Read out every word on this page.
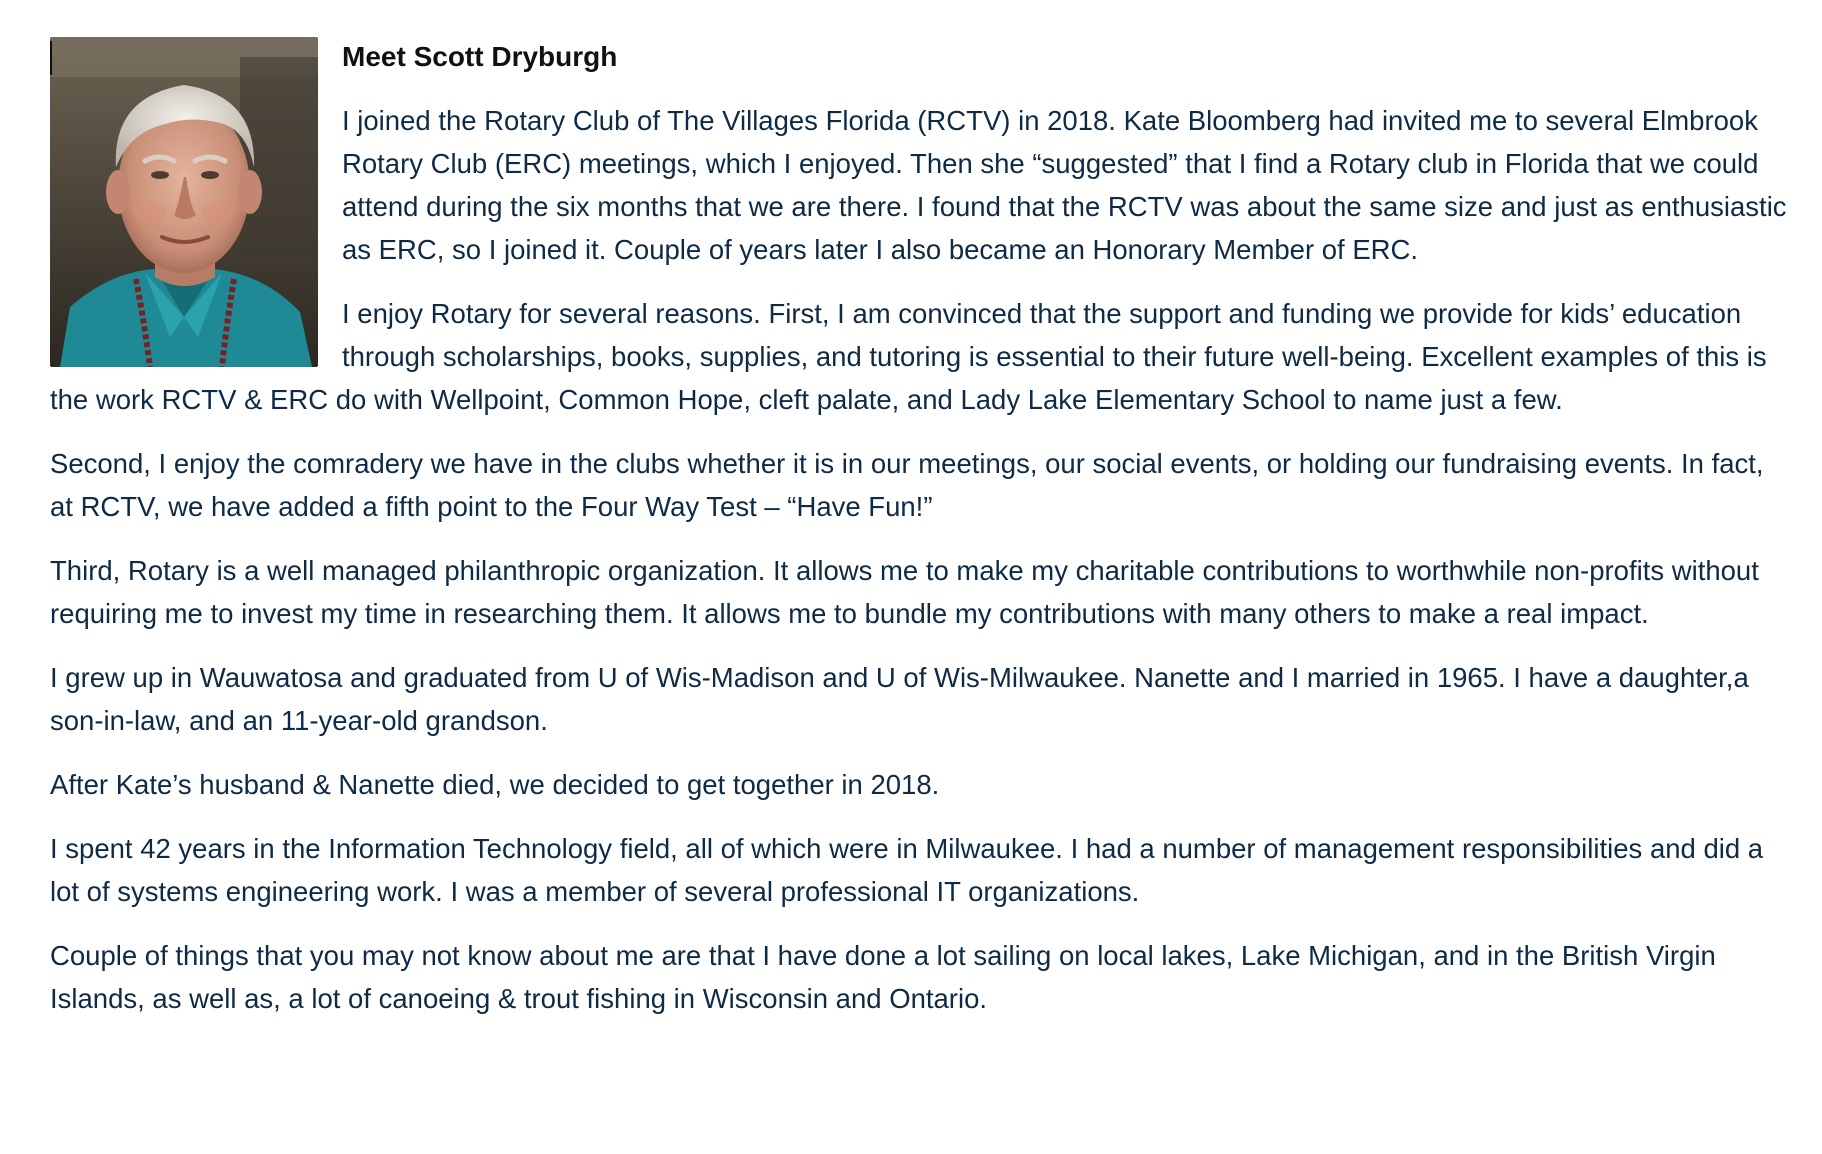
Meet Scott Dryburgh

I joined the Rotary Club of The Villages Florida (RCTV) in 2018. Kate Bloomberg had invited me to several Elmbrook Rotary Club (ERC) meetings, which I enjoyed. Then she “suggested” that I find a Rotary club in Florida that we could attend during the six months that we are there. I found that the RCTV was about the same size and just as enthusiastic as ERC, so I joined it. Couple of years later I also became an Honorary Member of ERC.

I enjoy Rotary for several reasons. First, I am convinced that the support and funding we provide for kids’ education through scholarships, books, supplies, and tutoring is essential to their future well-being. Excellent examples of this is the work RCTV & ERC do with Wellpoint, Common Hope, cleft palate, and Lady Lake Elementary School to name just a few.

Second, I enjoy the comradery we have in the clubs whether it is in our meetings, our social events, or holding our fundraising events. In fact, at RCTV, we have added a fifth point to the Four Way Test – “Have Fun!”

Third, Rotary is a well managed philanthropic organization. It allows me to make my charitable contributions to worthwhile non-profits without requiring me to invest my time in researching them. It allows me to bundle my contributions with many others to make a real impact.

I grew up in Wauwatosa and graduated from U of Wis-Madison and U of Wis-Milwaukee. Nanette and I married in 1965. I have a daughter,a son-in-law, and an 11-year-old grandson.

After Kate’s husband & Nanette died, we decided to get together in 2018.

I spent 42 years in the Information Technology field, all of which were in Milwaukee. I had a number of management responsibilities and did a lot of systems engineering work. I was a member of several professional IT organizations.

Couple of things that you may not know about me are that I have done a lot sailing on local lakes, Lake Michigan, and in the British Virgin Islands, as well as, a lot of canoeing & trout fishing in Wisconsin and Ontario.
